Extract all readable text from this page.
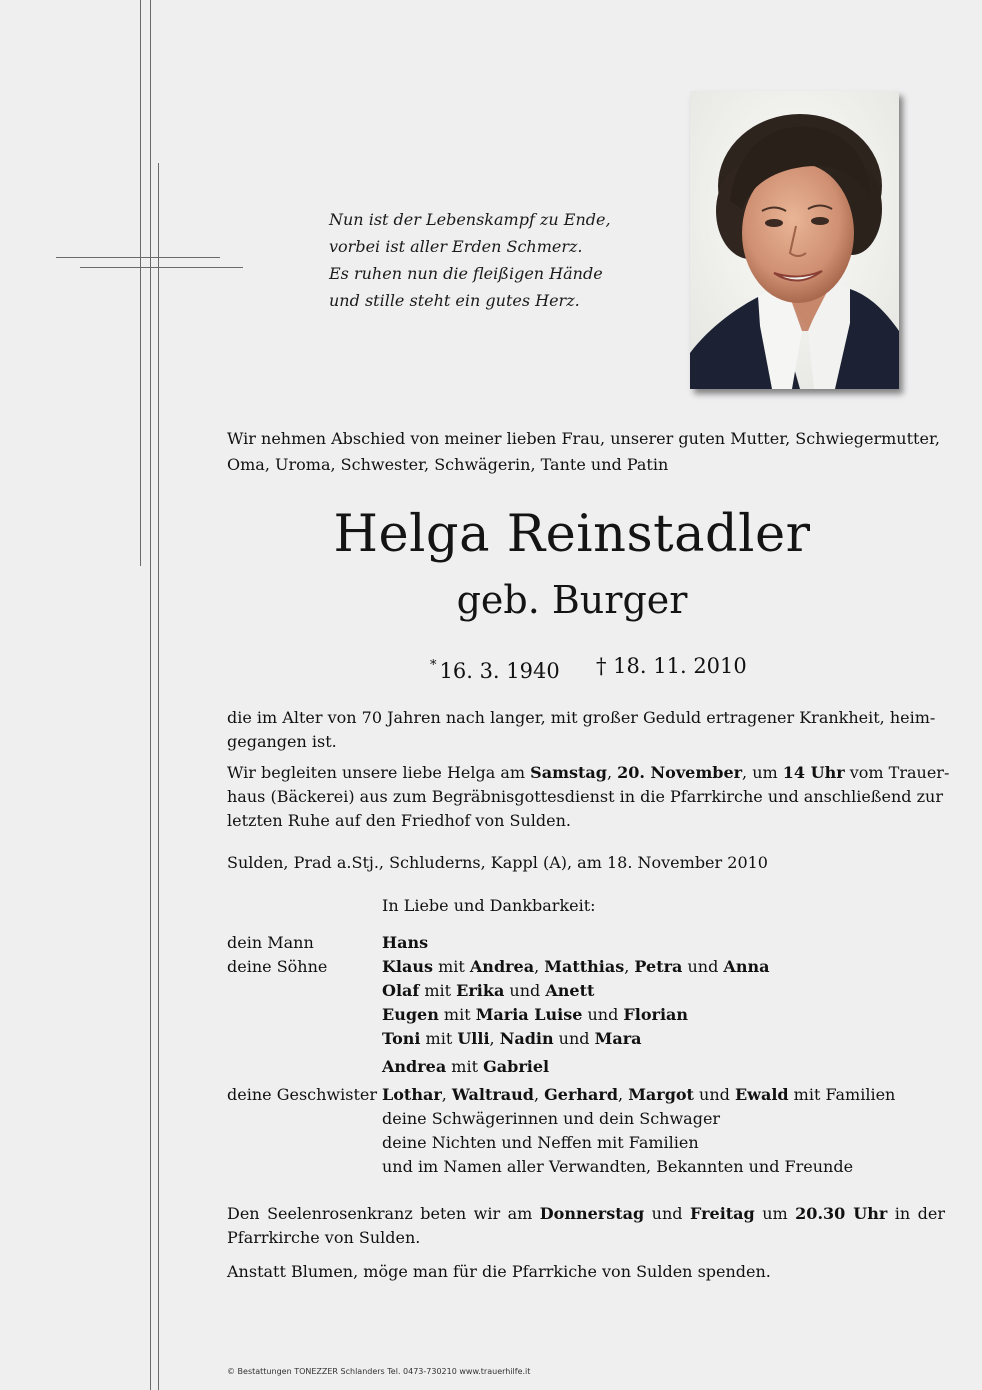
Nun ist der Lebenskampf zu Ende,
vorbei ist aller Erden Schmerz.
Es ruhen nun die fleißigen Hände
und stille steht ein gutes Herz.
Wir nehmen Abschied von meiner lieben Frau, unserer guten Mutter, Schwiegermutter,
Oma, Uroma, Schwester, Schwägerin, Tante und Patin
Helga Reinstadler
geb. Burger
* 16. 3. 1940 † 18. 11. 2010
die im Alter von 70 Jahren nach langer, mit großer Geduld ertragener Krankheit, heim-
gegangen ist.
Wir begleiten unsere liebe Helga am Samstag, 20. November, um 14 Uhr vom Trauer-
haus (Bäckerei) aus zum Begräbnisgottesdienst in die Pfarrkirche und anschließend zur
letzten Ruhe auf den Friedhof von Sulden.
Sulden, Prad a.Stj., Schluderns, Kappl (A), am 18. November 2010
In Liebe und Dankbarkeit:
dein Mann	Hans
deine Söhne	Klaus mit Andrea, Matthias, Petra und Anna
Olaf mit Erika und Anett
Eugen mit Maria Luise und Florian
Toni mit Ulli, Nadin und Mara
Andrea mit Gabriel
deine Geschwister Lothar, Waltraud, Gerhard, Margot und Ewald mit Familien
deine Schwägerinnen und dein Schwager
deine Nichten und Neffen mit Familien
und im Namen aller Verwandten, Bekannten und Freunde
Den Seelenrosenkranz beten wir am Donnerstag und Freitag um 20.30 Uhr in der
Pfarrkirche von Sulden.
Anstatt Blumen, möge man für die Pfarrkiche von Sulden spenden.
© Bestattungen TONEZZER Schlanders Tel. 0473-730210 www.trauerhilfe.it
